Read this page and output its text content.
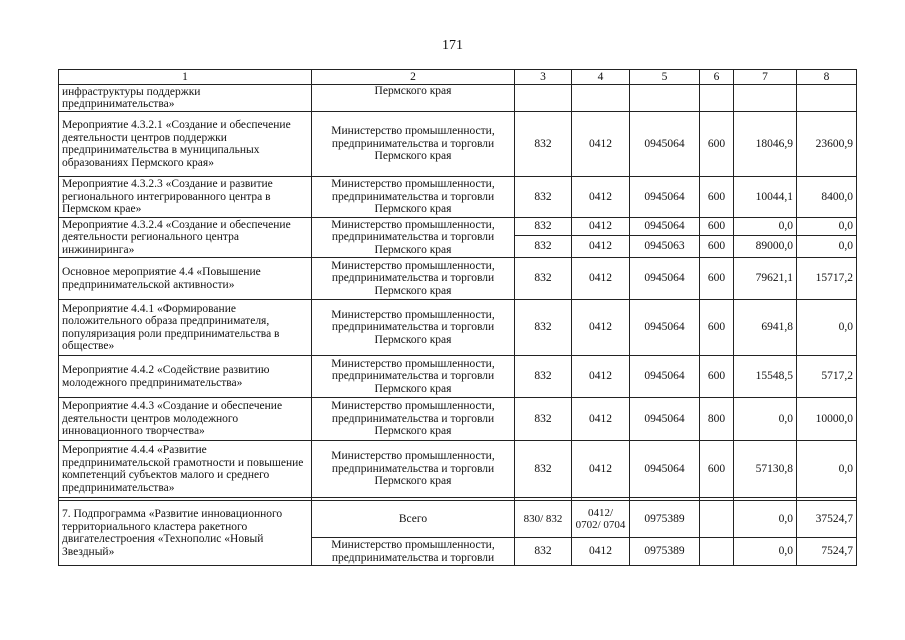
171
1	2	3	4	5	6	7	8
инфраструктуры поддержки предпринимательства»	Пермского края						
Мероприятие 4.3.2.1 «Создание и обеспечение деятельности центров поддержки предпринимательства в муниципальных образованиях Пермского края»	Министерство промышленности, предпринимательства и торговли Пермского края	832	0412	0945064	600	18046,9	23600,9
Мероприятие 4.3.2.3 «Создание и развитие регионального интегрированного центра в Пермском крае»	Министерство промышленности, предпринимательства и торговли Пермского края	832	0412	0945064	600	10044,1	8400,0
Мероприятие 4.3.2.4 «Создание и обеспечение деятельности регионального центра инжиниринга»	Министерство промышленности, предпринимательства и торговли Пермского края	832	0412	0945064	600	0,0	0,0
		832	0412	0945063	600	89000,0	0,0
Основное мероприятие 4.4 «Повышение предпринимательской активности»	Министерство промышленности, предпринимательства и торговли Пермского края	832	0412	0945064	600	79621,1	15717,2
Мероприятие 4.4.1 «Формирование положительного образа предпринимателя, популяризация роли предпринимательства в обществе»	Министерство промышленности, предпринимательства и торговли Пермского края	832	0412	0945064	600	6941,8	0,0
Мероприятие 4.4.2 «Содействие развитию молодежного предпринимательства»	Министерство промышленности, предпринимательства и торговли Пермского края	832	0412	0945064	600	15548,5	5717,2
Мероприятие 4.4.3 «Создание и обеспечение деятельности центров молодежного инновационного творчества»	Министерство промышленности, предпринимательства и торговли Пермского края	832	0412	0945064	800	0,0	10000,0
Мероприятие 4.4.4 «Развитие предпринимательской грамотности и повышение компетенций субъектов малого и среднего предпринимательства»	Министерство промышленности, предпринимательства и торговли Пермского края	832	0412	0945064	600	57130,8	0,0

7. Подпрограмма «Развитие инновационного территориального кластера ракетного двигателестроения «Технополис «Новый Звездный»	Всего	830/ 832	0412/ 0702/ 0704	0975389		0,0	37524,7
	Министерство промышленности, предпринимательства и торговли	832	0412	0975389		0,0	7524,7
